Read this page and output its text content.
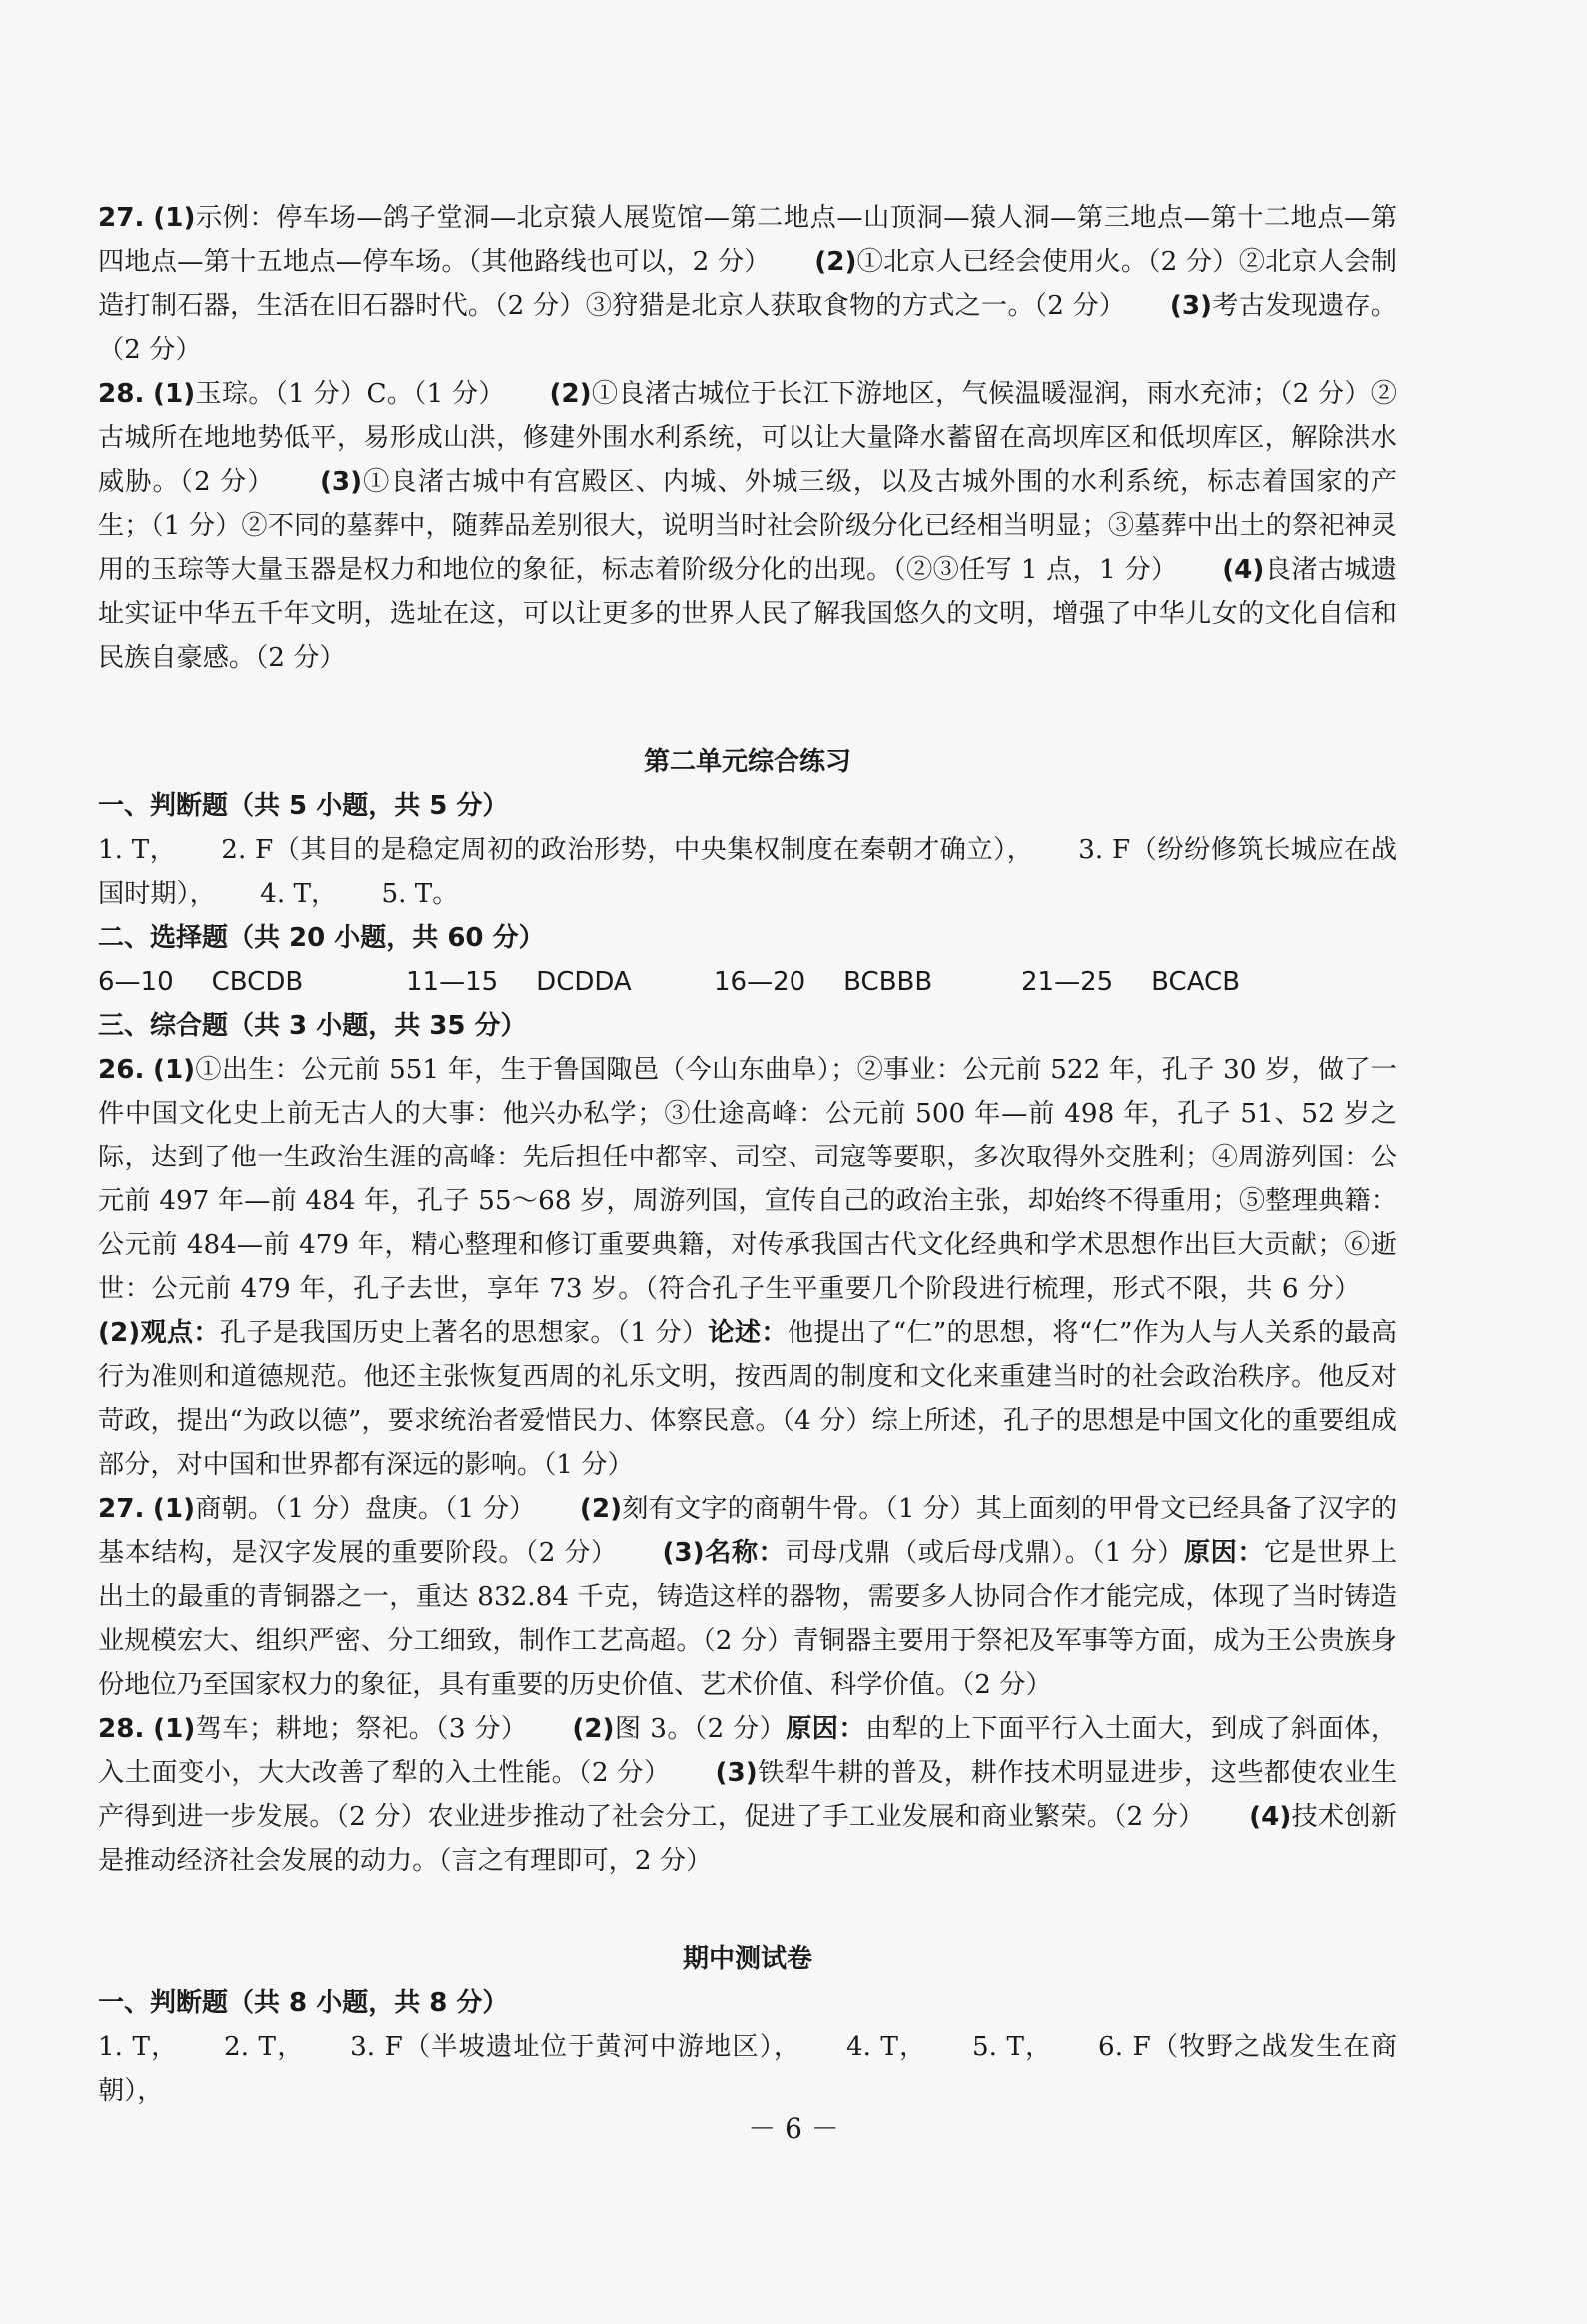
27. (1)示例：停车场—鸽子堂洞—北京猿人展览馆—第二地点—山顶洞—猿人洞—第三地点—第十二地点—第四地点—第十五地点—停车场。（其他路线也可以，2 分） (2)①北京人已经会使用火。（2 分）②北京人会制造打制石器，生活在旧石器时代。（2 分）③狩猎是北京人获取食物的方式之一。（2 分） (3)考古发现遗存。（2 分）

28. (1)玉琮。（1 分）C。（1 分） (2)①良渚古城位于长江下游地区，气候温暖湿润，雨水充沛；（2 分）②古城所在地地势低平，易形成山洪，修建外围水利系统，可以让大量降水蓄留在高坝库区和低坝库区，解除洪水威胁。（2 分） (3)①良渚古城中有宫殿区、内城、外城三级，以及古城外围的水利系统，标志着国家的产生；（1 分）②不同的墓葬中，随葬品差别很大，说明当时社会阶级分化已经相当明显；③墓葬中出土的祭祀神灵用的玉琮等大量玉器是权力和地位的象征，标志着阶级分化的出现。（②③任写 1 点，1 分） (4)良渚古城遗址实证中华五千年文明，选址在这，可以让更多的世界人民了解我国悠久的文明，增强了中华儿女的文化自信和民族自豪感。（2 分）

第二单元综合练习

一、判断题（共 5 小题，共 5 分）

1. T， 2. F（其目的是稳定周初的政治形势，中央集权制度在秦朝才确立）， 3. F（纷纷修筑长城应在战国时期）， 4. T， 5. T。

二、选择题（共 20 小题，共 60 分）

6—10 CBCDB	11—15 DCDDA	16—20 BCBBB	21—25 BCACB

三、综合题（共 3 小题，共 35 分）

26. (1)①出生：公元前 551 年，生于鲁国陬邑（今山东曲阜）；②事业：公元前 522 年，孔子 30 岁，做了一件中国文化史上前无古人的大事：他兴办私学；③仕途高峰：公元前 500 年—前 498 年，孔子 51、52 岁之际，达到了他一生政治生涯的高峰：先后担任中都宰、司空、司寇等要职，多次取得外交胜利；④周游列国：公元前 497 年—前 484 年，孔子 55～68 岁，周游列国，宣传自己的政治主张，却始终不得重用；⑤整理典籍：公元前 484—前 479 年，精心整理和修订重要典籍，对传承我国古代文化经典和学术思想作出巨大贡献；⑥逝世：公元前 479 年，孔子去世，享年 73 岁。（符合孔子生平重要几个阶段进行梳理，形式不限，共 6 分） (2)观点：孔子是我国历史上著名的思想家。（1 分）论述：他提出了“仁”的思想，将“仁”作为人与人关系的最高行为准则和道德规范。他还主张恢复西周的礼乐文明，按西周的制度和文化来重建当时的社会政治秩序。他反对苛政，提出“为政以德”，要求统治者爱惜民力、体察民意。（4 分）综上所述，孔子的思想是中国文化的重要组成部分，对中国和世界都有深远的影响。（1 分）

27. (1)商朝。（1 分）盘庚。（1 分） (2)刻有文字的商朝牛骨。（1 分）其上面刻的甲骨文已经具备了汉字的基本结构，是汉字发展的重要阶段。（2 分） (3)名称：司母戊鼎（或后母戊鼎）。（1 分）原因：它是世界上出土的最重的青铜器之一，重达 832.84 千克，铸造这样的器物，需要多人协同合作才能完成，体现了当时铸造业规模宏大、组织严密、分工细致，制作工艺高超。（2 分）青铜器主要用于祭祀及军事等方面，成为王公贵族身份地位乃至国家权力的象征，具有重要的历史价值、艺术价值、科学价值。（2 分）

28. (1)驾车；耕地；祭祀。（3 分） (2)图 3。（2 分）原因：由犁的上下面平行入土面大，到成了斜面体，入土面变小，大大改善了犁的入土性能。（2 分） (3)铁犁牛耕的普及，耕作技术明显进步，这些都使农业生产得到进一步发展。（2 分）农业进步推动了社会分工，促进了手工业发展和商业繁荣。（2 分） (4)技术创新是推动经济社会发展的动力。（言之有理即可，2 分）

期中测试卷

一、判断题（共 8 小题，共 8 分）

1. T， 2. T， 3. F（半坡遗址位于黄河中游地区）， 4. T， 5. T， 6. F（牧野之战发生在商朝），

－ 6 －
